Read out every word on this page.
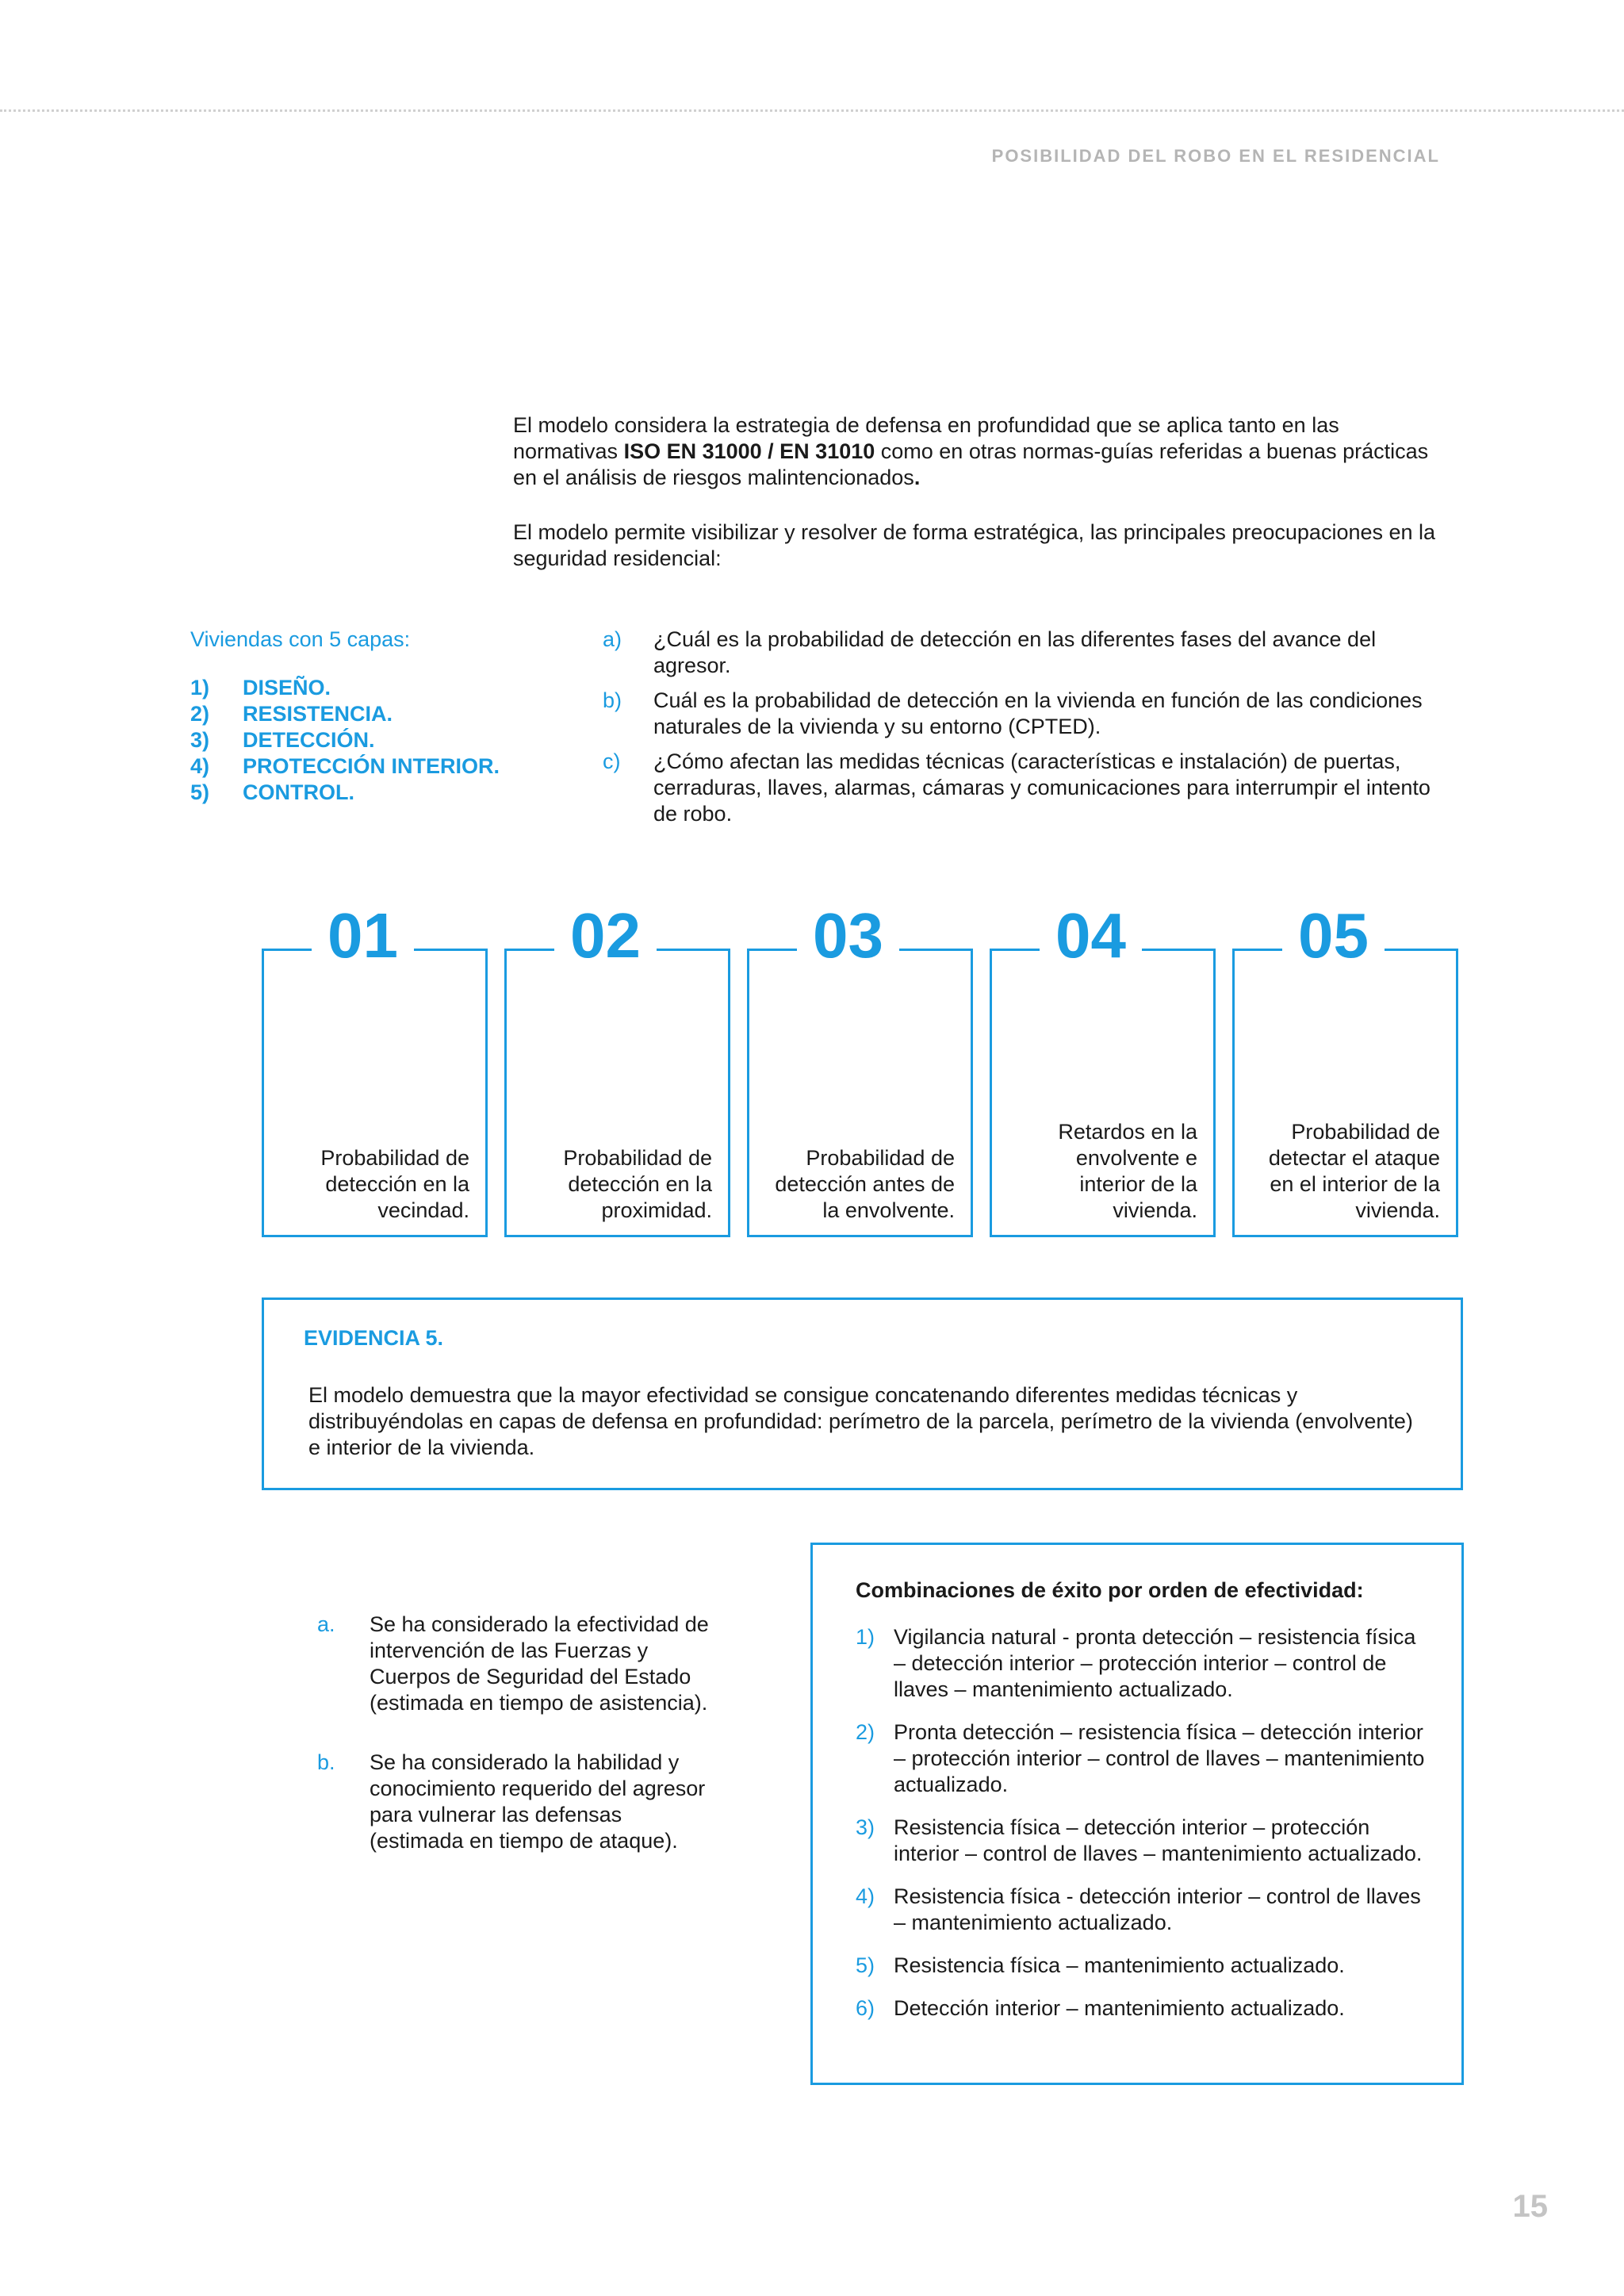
POSIBILIDAD DEL ROBO EN EL RESIDENCIAL

El modelo considera la estrategia de defensa en profundidad que se aplica tanto en las normativas ISO EN 31000 / EN 31010 como en otras normas-guías referidas a buenas prácticas en el análisis de riesgos malintencionados.

El modelo permite visibilizar y resolver de forma estratégica, las principales preocupaciones en la seguridad residencial:

Viviendas con 5 capas:
1)	DISEÑO.
2)	RESISTENCIA.
3)	DETECCIÓN.
4)	PROTECCIÓN INTERIOR.
5)	CONTROL.
a)	¿Cuál es la probabilidad de detección en las diferentes fases del avance del agresor.
b)	Cuál es la probabilidad de detección en la vivienda en función de las condiciones naturales de la vivienda y su entorno (CPTED).
c)	¿Cómo afectan las medidas técnicas (características e instalación) de puertas, cerraduras, llaves, alarmas, cámaras y comunicaciones para interrumpir el intento de robo.
01
Probabilidad de detección en la vecindad.
02
Probabilidad de detección en la proximidad.
03
Probabilidad de detección antes de la envolvente.
04
Retardos en la envolvente e interior de la vivienda.
05
Probabilidad de detectar el ataque en el interior de la vivienda.
EVIDENCIA 5.
El modelo demuestra que la mayor efectividad se consigue concatenando diferentes medidas técnicas y distribuyéndolas en capas de defensa en profundidad: perímetro de la parcela, perímetro de la vivienda (envolvente) e interior de la vivienda.
a.	Se ha considerado la efectividad de intervención de las Fuerzas y Cuerpos de Seguridad del Estado (estimada en tiempo de asistencia).
b.	Se ha considerado la habilidad y conocimiento requerido del agresor para vulnerar las defensas (estimada en tiempo de ataque).
Combinaciones de éxito por orden de efectividad:
1) Vigilancia natural - pronta detección – resistencia física – detección interior – protección interior – control de llaves – mantenimiento actualizado.
2) Pronta detección – resistencia física – detección interior – protección interior – control de llaves – mantenimiento actualizado.
3) Resistencia física – detección interior – protección interior – control de llaves – mantenimiento actualizado.
4) Resistencia física - detección interior – control de llaves – mantenimiento actualizado.
5) Resistencia física – mantenimiento actualizado.
6) Detección interior – mantenimiento actualizado.
15
